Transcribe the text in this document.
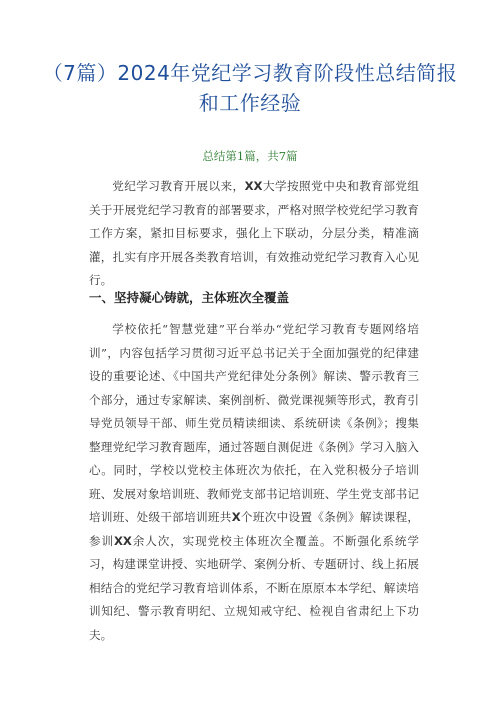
（7篇）2024年党纪学习教育阶段性总结简报和工作经验
总结第1篇，共7篇

党纪学习教育开展以来，XX大学按照党中央和教育部党组关于开展党纪学习教育的部署要求，严格对照学校党纪学习教育工作方案，紧扣目标要求，强化上下联动，分层分类，精准滴灌，扎实有序开展各类教育培训，有效推动党纪学习教育入心见行。

一、坚持凝心铸就，主体班次全覆盖

学校依托“智慧党建”平台举办“党纪学习教育专题网络培训”，内容包括学习贯彻习近平总书记关于全面加强党的纪律建设的重要论述、《中国共产党纪律处分条例》解读、警示教育三个部分，通过专家解读、案例剖析、微党课视频等形式，教育引导党员领导干部、师生党员精读细读、系统研读《条例》；搜集整理党纪学习教育题库，通过答题自测促进《条例》学习入脑入心。同时，学校以党校主体班次为依托，在入党积极分子培训班、发展对象培训班、教师党支部书记培训班、学生党支部书记培训班、处级干部培训班共X个班次中设置《条例》解读课程，参训XX余人次，实现党校主体班次全覆盖。不断强化系统学习，构建课堂讲授、实地研学、案例分析、专题研讨、线上拓展相结合的党纪学习教育培训体系，不断在原原本本学纪、解读培训知纪、警示教育明纪、立规知戒守纪、检视自省肃纪上下功夫。
